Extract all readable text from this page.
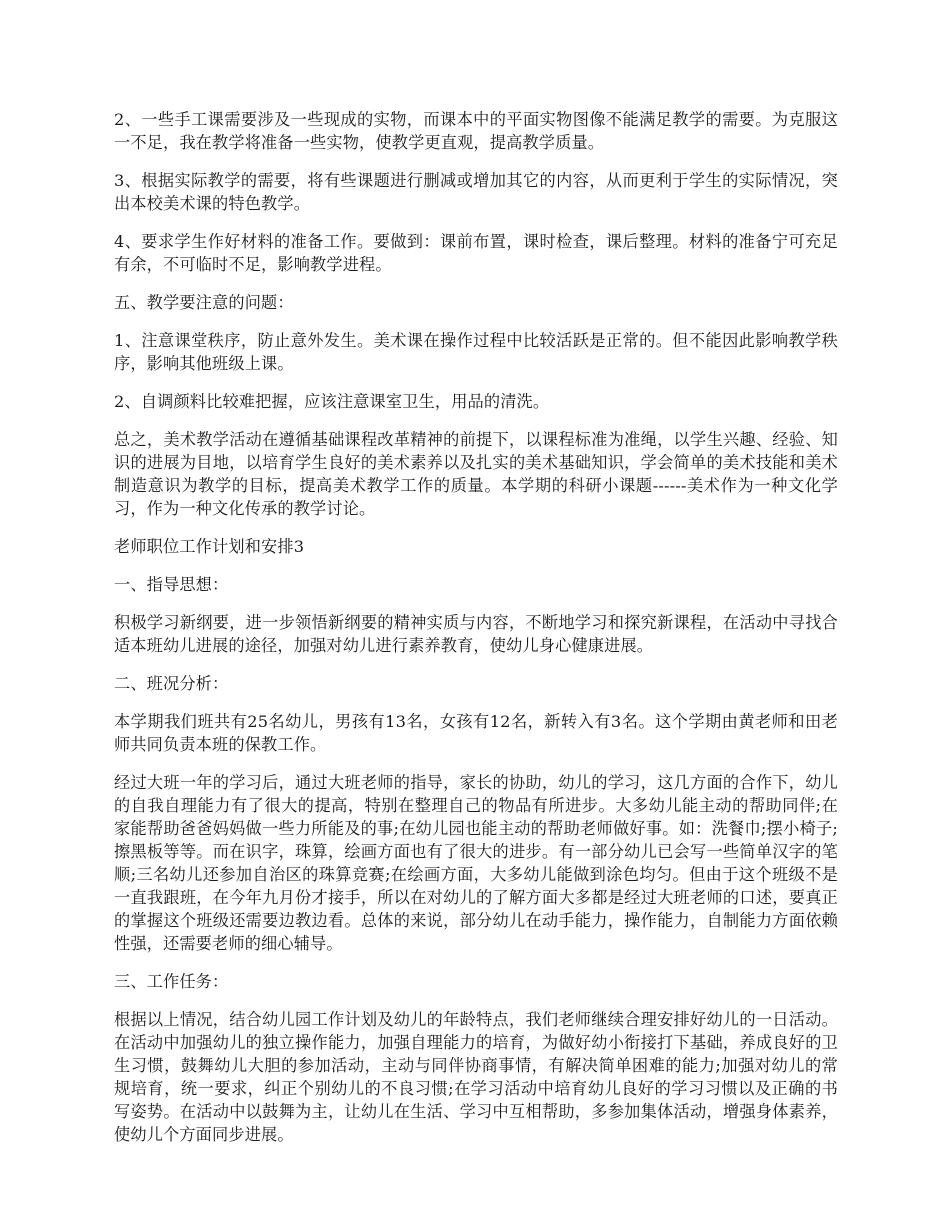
2、一些手工课需要涉及一些现成的实物，而课本中的平面实物图像不能满足教学的需要。为克服这一不足，我在教学将准备一些实物，使教学更直观，提高教学质量。

3、根据实际教学的需要，将有些课题进行删减或增加其它的内容，从而更利于学生的实际情况，突出本校美术课的特色教学。

4、要求学生作好材料的准备工作。要做到：课前布置，课时检查，课后整理。材料的准备宁可充足有余，不可临时不足，影响教学进程。

五、教学要注意的问题：

1、注意课堂秩序，防止意外发生。美术课在操作过程中比较活跃是正常的。但不能因此影响教学秩序，影响其他班级上课。

2、自调颜料比较难把握，应该注意课室卫生，用品的清洗。

总之，美术教学活动在遵循基础课程改革精神的前提下，以课程标准为准绳，以学生兴趣、经验、知识的进展为目地，以培育学生良好的美术素养以及扎实的美术基础知识，学会简单的美术技能和美术制造意识为教学的目标，提高美术教学工作的质量。本学期的科研小课题------美术作为一种文化学习，作为一种文化传承的教学讨论。

老师职位工作计划和安排3

一、指导思想：

积极学习新纲要，进一步领悟新纲要的精神实质与内容，不断地学习和探究新课程，在活动中寻找合适本班幼儿进展的途径，加强对幼儿进行素养教育，使幼儿身心健康进展。

二、班况分析：

本学期我们班共有25名幼儿，男孩有13名，女孩有12名，新转入有3名。这个学期由黄老师和田老师共同负责本班的保教工作。

经过大班一年的学习后，通过大班老师的指导，家长的协助，幼儿的学习，这几方面的合作下，幼儿的自我自理能力有了很大的提高，特别在整理自己的物品有所进步。大多幼儿能主动的帮助同伴;在家能帮助爸爸妈妈做一些力所能及的事;在幼儿园也能主动的帮助老师做好事。如：洗餐巾;摆小椅子;擦黑板等等。而在识字，珠算，绘画方面也有了很大的进步。有一部分幼儿已会写一些简单汉字的笔顺;三名幼儿还参加自治区的珠算竞赛;在绘画方面，大多幼儿能做到涂色均匀。但由于这个班级不是一直我跟班，在今年九月份才接手，所以在对幼儿的了解方面大多都是经过大班老师的口述，要真正的掌握这个班级还需要边教边看。总体的来说，部分幼儿在动手能力，操作能力，自制能力方面依赖性强，还需要老师的细心辅导。

三、工作任务：

根据以上情况，结合幼儿园工作计划及幼儿的年龄特点，我们老师继续合理安排好幼儿的一日活动。在活动中加强幼儿的独立操作能力，加强自理能力的培育，为做好幼小衔接打下基础，养成良好的卫生习惯，鼓舞幼儿大胆的参加活动，主动与同伴协商事情，有解决简单困难的能力;加强对幼儿的常规培育，统一要求，纠正个别幼儿的不良习惯;在学习活动中培育幼儿良好的学习习惯以及正确的书写姿势。在活动中以鼓舞为主，让幼儿在生活、学习中互相帮助，多参加集体活动，增强身体素养，使幼儿个方面同步进展。
